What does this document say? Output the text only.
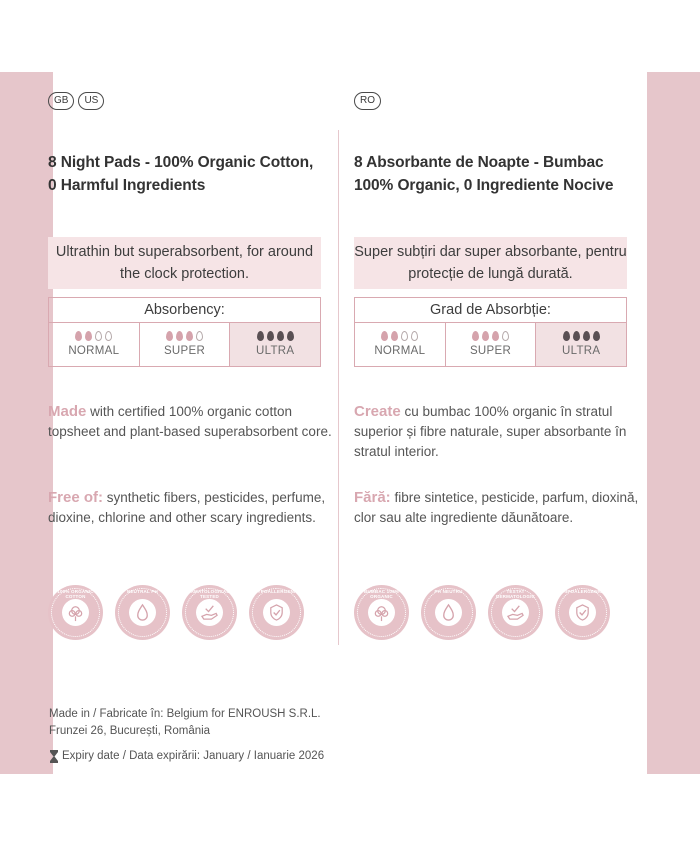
GB	US
8 Night Pads - 100% Organic Cotton, 0 Harmful Ingredients
Ultrathin but superabsorbent, for around the clock protection.
Absorbency:
NORMAL	SUPER	ULTRA

Made with certified 100% organic cotton topsheet and plant-based superabsorbent core.

Free of: synthetic fibers, pesticides, perfume, dioxine, chlorine and other scary ingredients.

100% ORGANIC COTTON
NEUTRAL PH	DERMATOLOGICALLY TESTED
HYPOALLERGENIC
RO
8 Absorbante de Noapte - Bumbac 100% Organic, 0 Ingrediente Nocive
Super subțiri dar super absorbante, pentru protecție de lungă durată.
Grad de Absorbție:
NORMAL	SUPER	ULTRA

Create cu bumbac 100% organic în stratul superior și fibre naturale, super absorbante în stratul interior.

Fără: fibre sintetice, pesticide, parfum, dioxină, clor sau alte ingrediente dăunătoare.

BUMBAC 100% ORGANIC
PH NEUTRU	TESTAT DERMATOLOGIC
HIPOALERGENIC
Made in / Fabricate în: Belgium for ENROUSH S.R.L.
Frunzei 26, București, România
Expiry date / Data expirării: January / Ianuarie 2026
